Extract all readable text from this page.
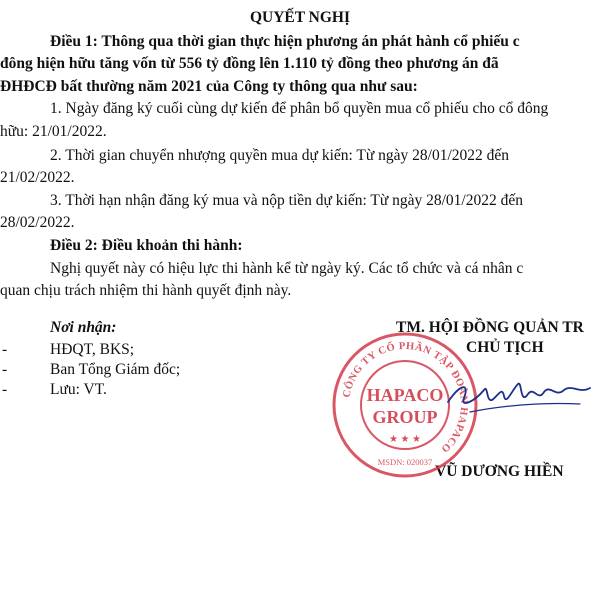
QUYẾT NGHỊ
Điều 1: Thông qua thời gian thực hiện phương án phát hành cổ phiếu c
đông hiện hữu tăng vốn từ 556 tỷ đồng lên 1.110 tỷ đồng theo phương án đã
ĐHĐCĐ bất thường năm 2021 của Công ty thông qua như sau:
1. Ngày đăng ký cuối cùng dự kiến để phân bổ quyền mua cổ phiếu cho cổ đông
hữu: 21/01/2022.
2. Thời gian chuyển nhượng quyền mua dự kiến: Từ ngày 28/01/2022 đến
21/02/2022.
3. Thời hạn nhận đăng ký mua và nộp tiền dự kiến: Từ ngày 28/01/2022 đến
28/02/2022.
Điều 2: Điều khoản thi hành:
Nghị quyết này có hiệu lực thi hành kể từ ngày ký. Các tổ chức và cá nhân c
quan chịu trách nhiệm thi hành quyết định này.
Nơi nhận:
-	HĐQT, BKS;
-	Ban Tổng Giám đốc;
-	Lưu: VT.
TM. HỘI ĐỒNG QUẢN TR
CHỦ TỊCH
VŨ DƯƠNG HIỀN
CÔNG TY CỔ PHẦN TẬP ĐOÀN HAPACO
HAPACO
GROUP
★ ★ ★
MSDN: 020037
